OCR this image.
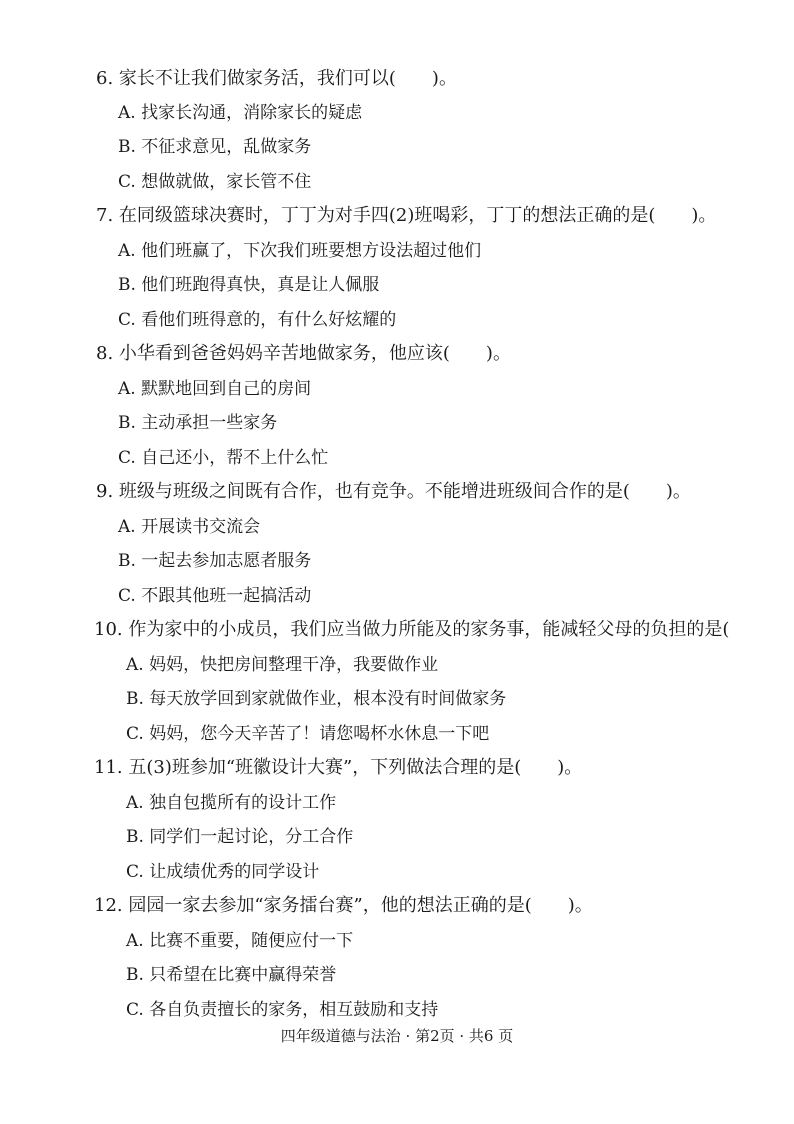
6. 家长不让我们做家务活，我们可以(　　)。
A. 找家长沟通，消除家长的疑虑
B. 不征求意见，乱做家务
C. 想做就做，家长管不住
7. 在同级篮球决赛时，丁丁为对手四(2)班喝彩，丁丁的想法正确的是(　　)。
A. 他们班赢了，下次我们班要想方设法超过他们
B. 他们班跑得真快，真是让人佩服
C. 看他们班得意的，有什么好炫耀的
8. 小华看到爸爸妈妈辛苦地做家务，他应该(　　)。
A. 默默地回到自己的房间
B. 主动承担一些家务
C. 自己还小，帮不上什么忙
9. 班级与班级之间既有合作，也有竞争。不能增进班级间合作的是(　　)。
A. 开展读书交流会
B. 一起去参加志愿者服务
C. 不跟其他班一起搞活动
10. 作为家中的小成员，我们应当做力所能及的家务事，能减轻父母的负担的是(
A. 妈妈，快把房间整理干净，我要做作业
B. 每天放学回到家就做作业，根本没有时间做家务
C. 妈妈，您今天辛苦了！请您喝杯水休息一下吧
11. 五(3)班参加“班徽设计大赛”，下列做法合理的是(　　)。
A. 独自包揽所有的设计工作
B. 同学们一起讨论，分工合作
C. 让成绩优秀的同学设计
12. 园园一家去参加“家务擂台赛”，他的想法正确的是(　　)。
A. 比赛不重要，随便应付一下
B. 只希望在比赛中赢得荣誉
C. 各自负责擅长的家务，相互鼓励和支持
四年级道德与法治 · 第2页 · 共6 页
